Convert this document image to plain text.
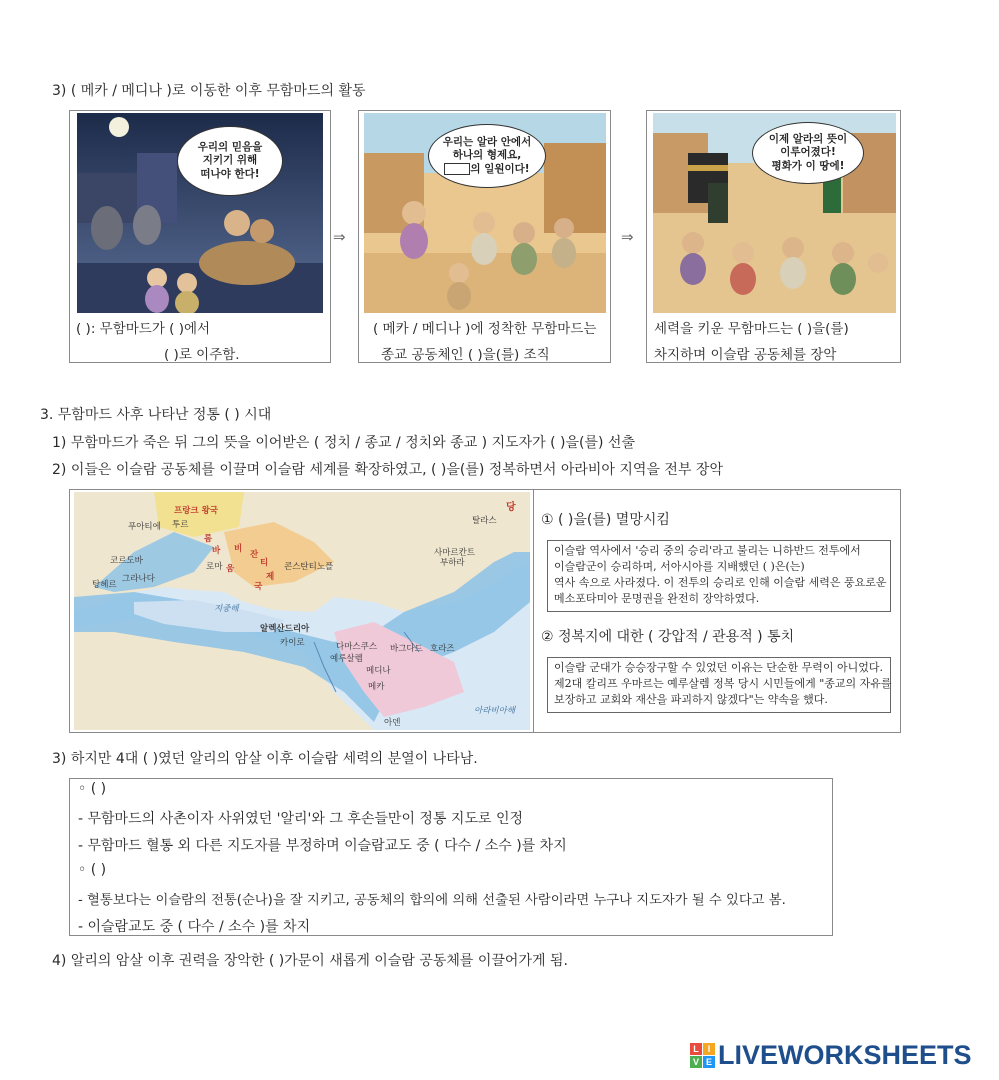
3) ( 메카 / 메디나 )로 이동한 이후 무함마드의 활동
우리의 믿음을
지키기 위해
떠나야 한다!
( ): 무함마드가 ( )에서
( )로 이주함.
⇒
우리는 알라 안에서
하나의 형제요,
의 일원이다!
( 메카 / 메디나 )에 정착한 무함마드는
종교 공동체인 ( )을(를) 조직
⇒
이제 알라의 뜻이
이루어졌다!
평화가 이 땅에!
세력을 키운 무함마드는 ( )을(를)
차지하며 이슬람 공동체를 장악
3. 무함마드 사후 나타난 정통 ( ) 시대
1) 무함마드가 죽은 뒤 그의 뜻을 이어받은 ( 정치 / 종교 / 정치와 종교 ) 지도자가 ( )을(를) 선출
2) 이들은 이슬람 공동체를 이끌며 이슬람 세계를 확장하였고, ( )을(를) 정복하면서 아라비아 지역을 전부 장악
프랑크 왕국
투르
푸아티에
코르도바
그라나다
탕헤르
로마	콘스탄티노플
롬
바 비
잔
티
움
제
국
탈라스
사마르칸트
부하라
당
지중해
다마스쿠스
예루살렘
바그다드
알렉산드리아
카이로
호라즈
메디나
메카
아덴
아라비아해
① ( )을(를) 멸망시킴

이슬람 역사에서 '승리 중의 승리'라고 불리는 니하반드 전투에서

이슬람군이 승리하며, 서아시아를 지배했던 ( )은(는)

역사 속으로 사라졌다. 이 전투의 승리로 인해 이슬람 세력은 풍요로운

메소포타미아 문명권을 완전히 장악하였다.

② 정복지에 대한 ( 강압적 / 관용적 ) 통치

이슬람 군대가 승승장구할 수 있었던 이유는 단순한 무력이 아니었다.

제2대 칼리프 우마르는 예루살렘 정복 당시 시민들에게 "종교의 자유를

보장하고 교회와 재산을 파괴하지 않겠다"는 약속을 했다.

3) 하지만 4대 ( )였던 알리의 암살 이후 이슬람 세력의 분열이 나타남.
◦ ( )
- 무함마드의 사촌이자 사위였던 '알리'와 그 후손들만이 정통 지도로 인정
- 무함마드 혈통 외 다른 지도자를 부정하며 이슬람교도 중 ( 다수 / 소수 )를 차지
◦ ( )
- 혈통보다는 이슬람의 전통(순나)을 잘 지키고, 공동체의 합의에 의해 선출된 사람이라면 누구나 지도자가 될 수 있다고 봄.
- 이슬람교도 중 ( 다수 / 소수 )를 차지
4) 알리의 암살 이후 권력을 장악한 ( )가문이 새롭게 이슬람 공동체를 이끌어가게 됨.
L I
V E LIVEWORKSHEETS
